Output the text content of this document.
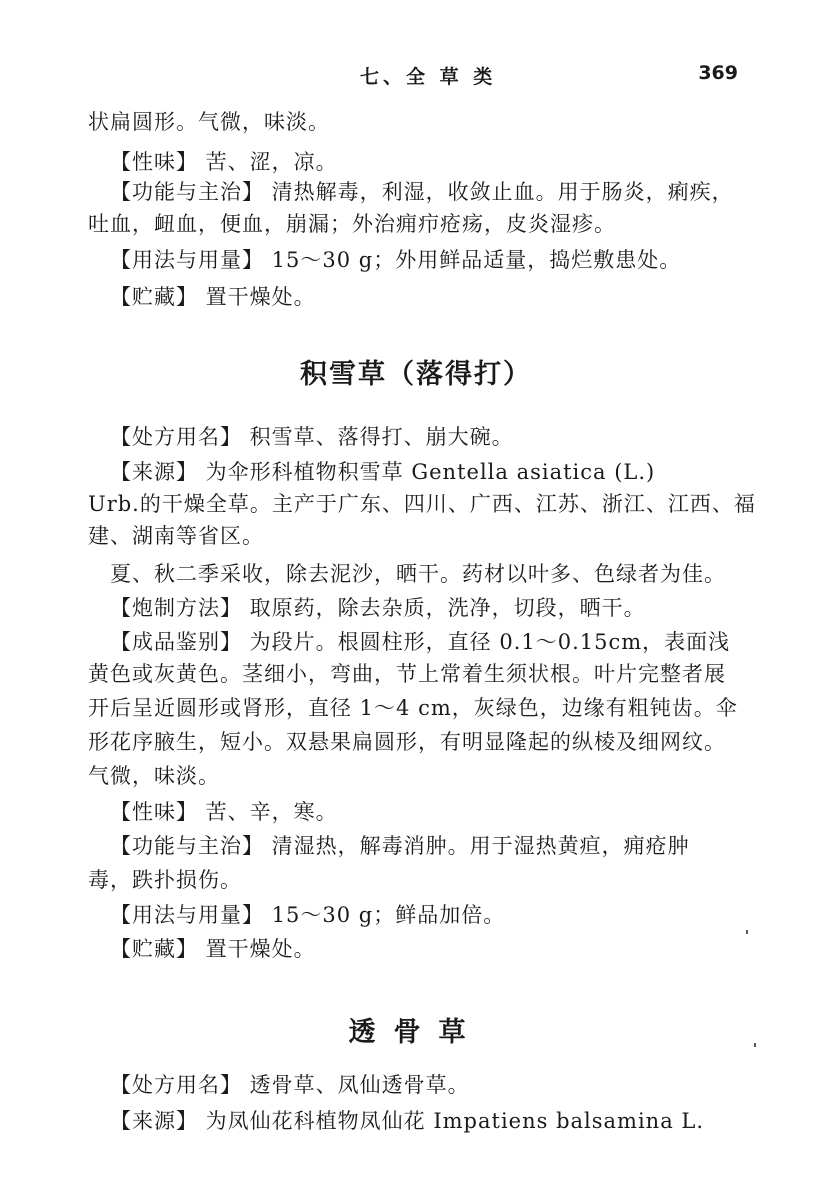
七、全 草 类	369
状扁圆形。气微，味淡。
【性味】 苦、涩，凉。
【功能与主治】 清热解毒，利湿，收敛止血。用于肠炎，痢疾，
吐血，衄血，便血，崩漏；外治痈疖疮疡，皮炎湿疹。
【用法与用量】 15～30 g；外用鲜品适量，捣烂敷患处。
【贮藏】 置干燥处。
积雪草（落得打）
【处方用名】 积雪草、落得打、崩大碗。
【来源】 为伞形科植物积雪草 Gentella asiatica (L.)
Urb.的干燥全草。主产于广东、四川、广西、江苏、浙江、江西、福
建、湖南等省区。
夏、秋二季采收，除去泥沙，晒干。药材以叶多、色绿者为佳。
【炮制方法】 取原药，除去杂质，洗净，切段，晒干。
【成品鉴别】 为段片。根圆柱形，直径 0.1～0.15cm，表面浅
黄色或灰黄色。茎细小，弯曲，节上常着生须状根。叶片完整者展
开后呈近圆形或肾形，直径 1～4 cm，灰绿色，边缘有粗钝齿。伞
形花序腋生，短小。双悬果扁圆形，有明显隆起的纵棱及细网纹。
气微，味淡。
【性味】 苦、辛，寒。
【功能与主治】 清湿热，解毒消肿。用于湿热黄疸，痈疮肿
毒，跌扑损伤。
【用法与用量】 15～30 g；鲜品加倍。
【贮藏】 置干燥处。
透骨草
【处方用名】 透骨草、凤仙透骨草。
【来源】 为凤仙花科植物凤仙花 Impatiens balsamina L.
